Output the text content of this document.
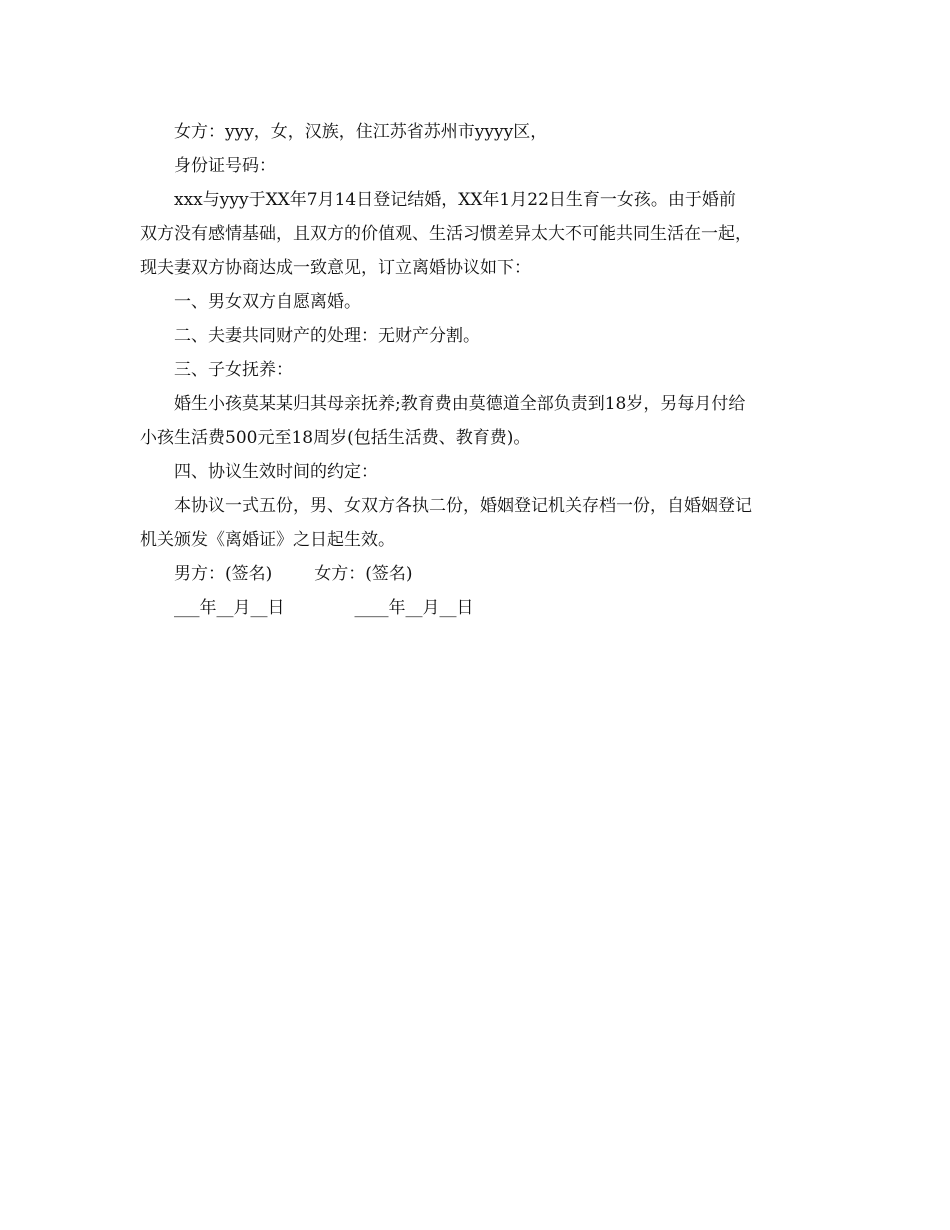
女方：yyy，女，汉族，住江苏省苏州市yyyy区，

身份证号码：

xxx与yyy于XX年7月14日登记结婚，XX年1月22日生育一女孩。由于婚前
双方没有感情基础，且双方的价值观、生活习惯差异太大不可能共同生活在一起，
现夫妻双方协商达成一致意见，订立离婚协议如下：

一、男女双方自愿离婚。

二、夫妻共同财产的处理：无财产分割。

三、子女抚养：

婚生小孩莫某某归其母亲抚养;教育费由莫德道全部负责到18岁，另每月付给
小孩生活费500元至18周岁(包括生活费、教育费)。

四、协议生效时间的约定：

本协议一式五份，男、女双方各执二份，婚姻登记机关存档一份，自婚姻登记
机关颁发《离婚证》之日起生效。

男方：(签名) 女方：(签名)

___年__月__日	____年__月__日
